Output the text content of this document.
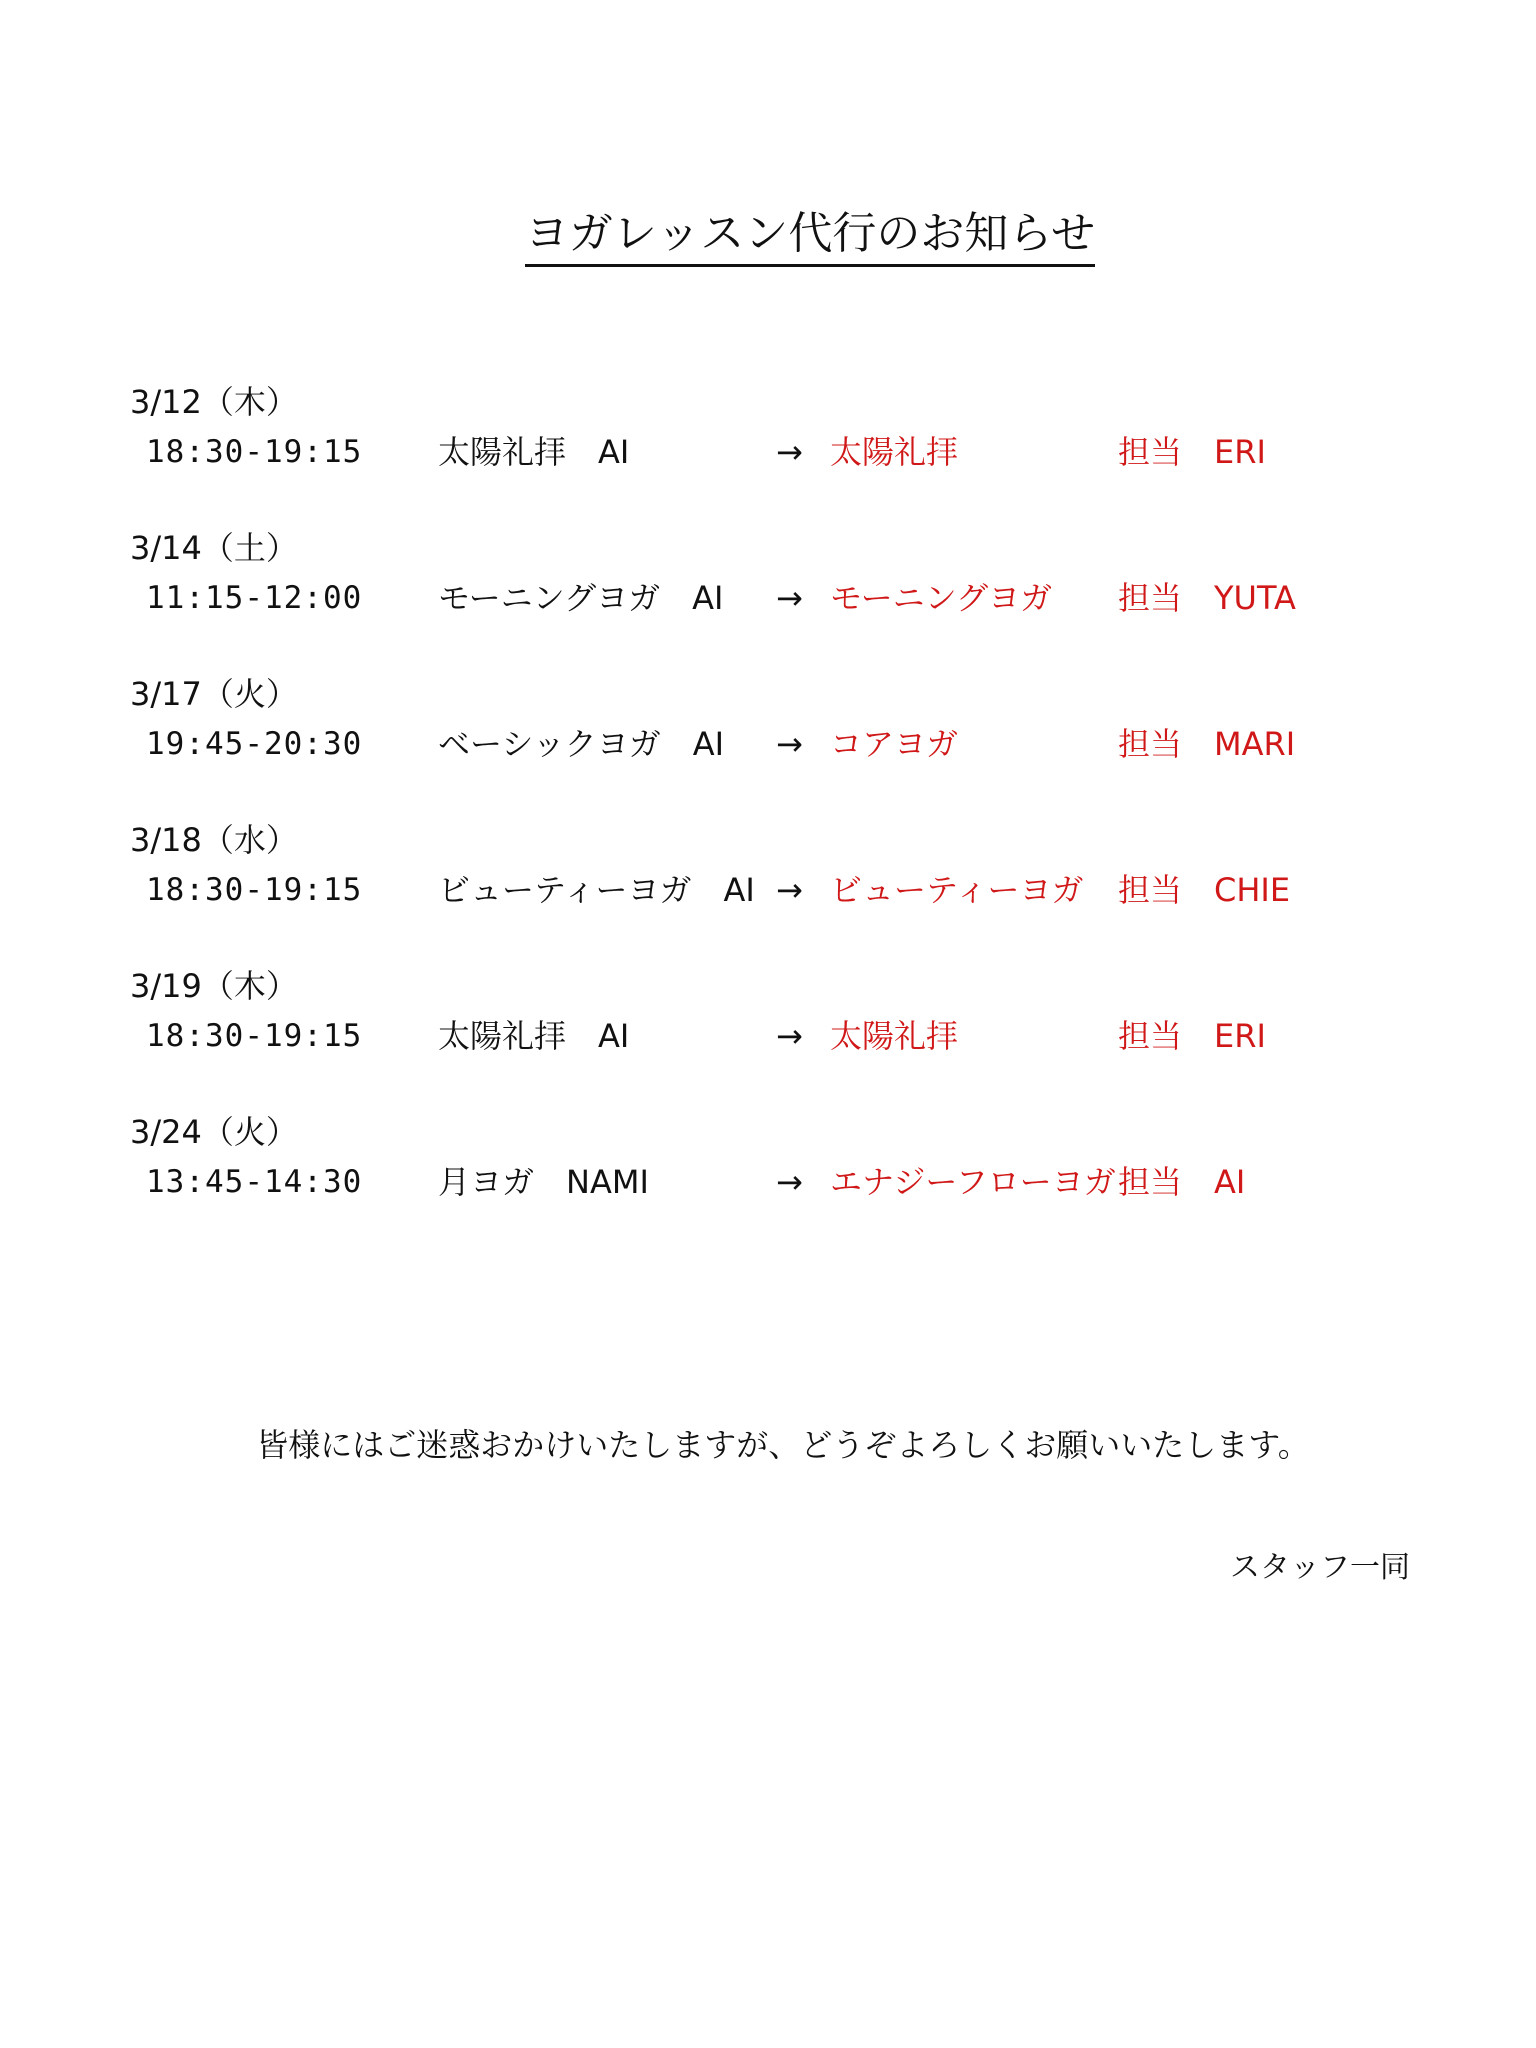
ヨガレッスン代行のお知らせ
3/12（木）
18:30-19:15 太陽礼拝　AI	→ 太陽礼拝	担当　ERI
3/14（土）
11:15-12:00 モーニングヨガ　AI → モーニングヨガ 担当　YUTA
3/17（火）
19:45-20:30 ベーシックヨガ　AI → コアヨガ	担当　MARI
3/18（水）
18:30-19:15 ビューティーヨガ　AI → ビューティーヨガ 担当　CHIE
3/19（木）
18:30-19:15 太陽礼拝　AI	→ 太陽礼拝	担当　ERI
3/24（火）
13:45-14:30 月ヨガ　NAMI	→ エナジーフローヨガ 担当　AI
皆様にはご迷惑おかけいたしますが、どうぞよろしくお願いいたします。
スタッフ一同
